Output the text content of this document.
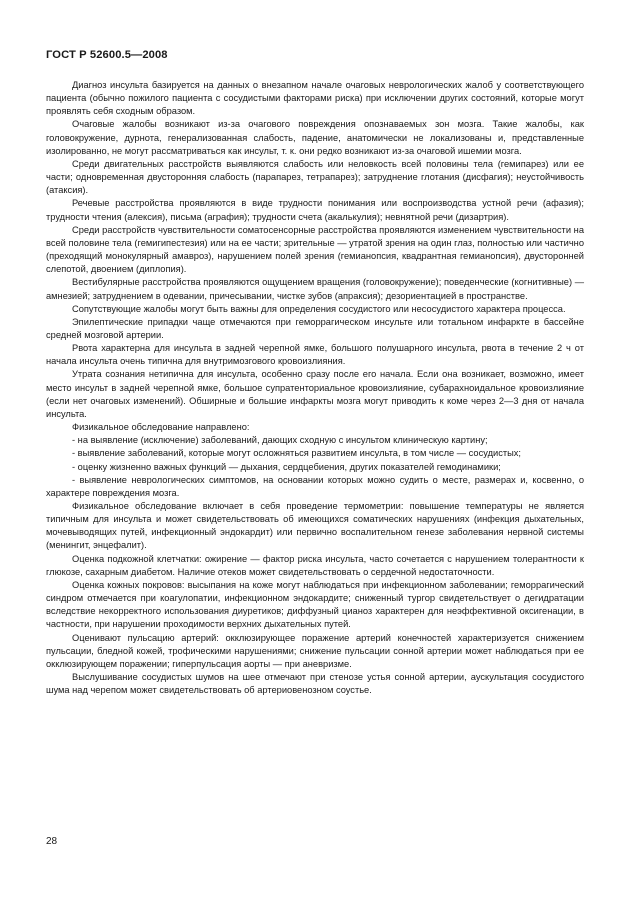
ГОСТ Р 52600.5—2008

Диагноз инсульта базируется на данных о внезапном начале очаговых неврологических жалоб у соответствующего пациента (обычно пожилого пациента с сосудистыми факторами риска) при исключении других состояний, которые могут проявлять себя сходным образом.

Очаговые жалобы возникают из-за очагового повреждения опознаваемых зон мозга. Такие жалобы, как головокружение, дурнота, генерализованная слабость, падение, анатомически не локализованы и, представленные изолированно, не могут рассматриваться как инсульт, т. к. они редко возникают из-за очаговой ишемии мозга.

Среди двигательных расстройств выявляются слабость или неловкость всей половины тела (гемипарез) или ее части; одновременная двусторонняя слабость (парапарез, тетрапарез); затруднение глотания (дисфагия); неустойчивость (атаксия).

Речевые расстройства проявляются в виде трудности понимания или воспроизводства устной речи (афазия); трудности чтения (алексия), письма (аграфия); трудности счета (акалькулия); невнятной речи (дизартрия).

Среди расстройств чувствительности соматосенсорные расстройства проявляются изменением чувствительности на всей половине тела (гемигипестезия) или на ее части; зрительные — утратой зрения на один глаз, полностью или частично (преходящий монокулярный амавроз), нарушением полей зрения (гемианопсия, квадрантная гемианопсия), двусторонней слепотой, двоением (диплопия).

Вестибулярные расстройства проявляются ощущением вращения (головокружение); поведенческие (когнитивные) — амнезией; затруднением в одевании, причесывании, чистке зубов (апраксия); дезориентацией в пространстве.

Сопутствующие жалобы могут быть важны для определения сосудистого или несосудистого характера процесса.

Эпилептические припадки чаще отмечаются при геморрагическом инсульте или тотальном инфаркте в бассейне средней мозговой артерии.

Рвота характерна для инсульта в задней черепной ямке, большого полушарного инсульта, рвота в течение 2 ч от начала инсульта очень типична для внутримозгового кровоизлияния.

Утрата сознания нетипична для инсульта, особенно сразу после его начала. Если она возникает, возможно, имеет место инсульт в задней черепной ямке, большое супратенториальное кровоизлияние, субарахноидальное кровоизлияние (если нет очаговых изменений). Обширные и большие инфаркты мозга могут приводить к коме через 2—3 дня от начала инсульта.

Физикальное обследование направлено:

- на выявление (исключение) заболеваний, дающих сходную с инсультом клиническую картину;

- выявление заболеваний, которые могут осложняться развитием инсульта, в том числе — сосудистых;

- оценку жизненно важных функций — дыхания, сердцебиения, других показателей гемодинамики;

- выявление неврологических симптомов, на основании которых можно судить о месте, размерах и, косвенно, о характере повреждения мозга.

Физикальное обследование включает в себя проведение термометрии: повышение температуры не является типичным для инсульта и может свидетельствовать об имеющихся соматических нарушениях (инфекция дыхательных, мочевыводящих путей, инфекционный эндокардит) или первично воспалительном генезе заболевания нервной системы (менингит, энцефалит).

Оценка подкожной клетчатки: ожирение — фактор риска инсульта, часто сочетается с нарушением толерантности к глюкозе, сахарным диабетом. Наличие отеков может свидетельствовать о сердечной недостаточности.

Оценка кожных покровов: высыпания на коже могут наблюдаться при инфекционном заболевании; геморрагический синдром отмечается при коагулопатии, инфекционном эндокардите; сниженный тургор свидетельствует о дегидратации вследствие некорректного использования диуретиков; диффузный цианоз характерен для неэффективной оксигенации, в частности, при нарушении проходимости верхних дыхательных путей.

Оценивают пульсацию артерий: окклюзирующее поражение артерий конечностей характеризуется снижением пульсации, бледной кожей, трофическими нарушениями; снижение пульсации сонной артерии может наблюдаться при ее окклюзирующем поражении; гиперпульсация аорты — при аневризме.

Выслушивание сосудистых шумов на шее отмечают при стенозе устья сонной артерии, аускультация сосудистого шума над черепом может свидетельствовать об артериовенозном соустье.

28
